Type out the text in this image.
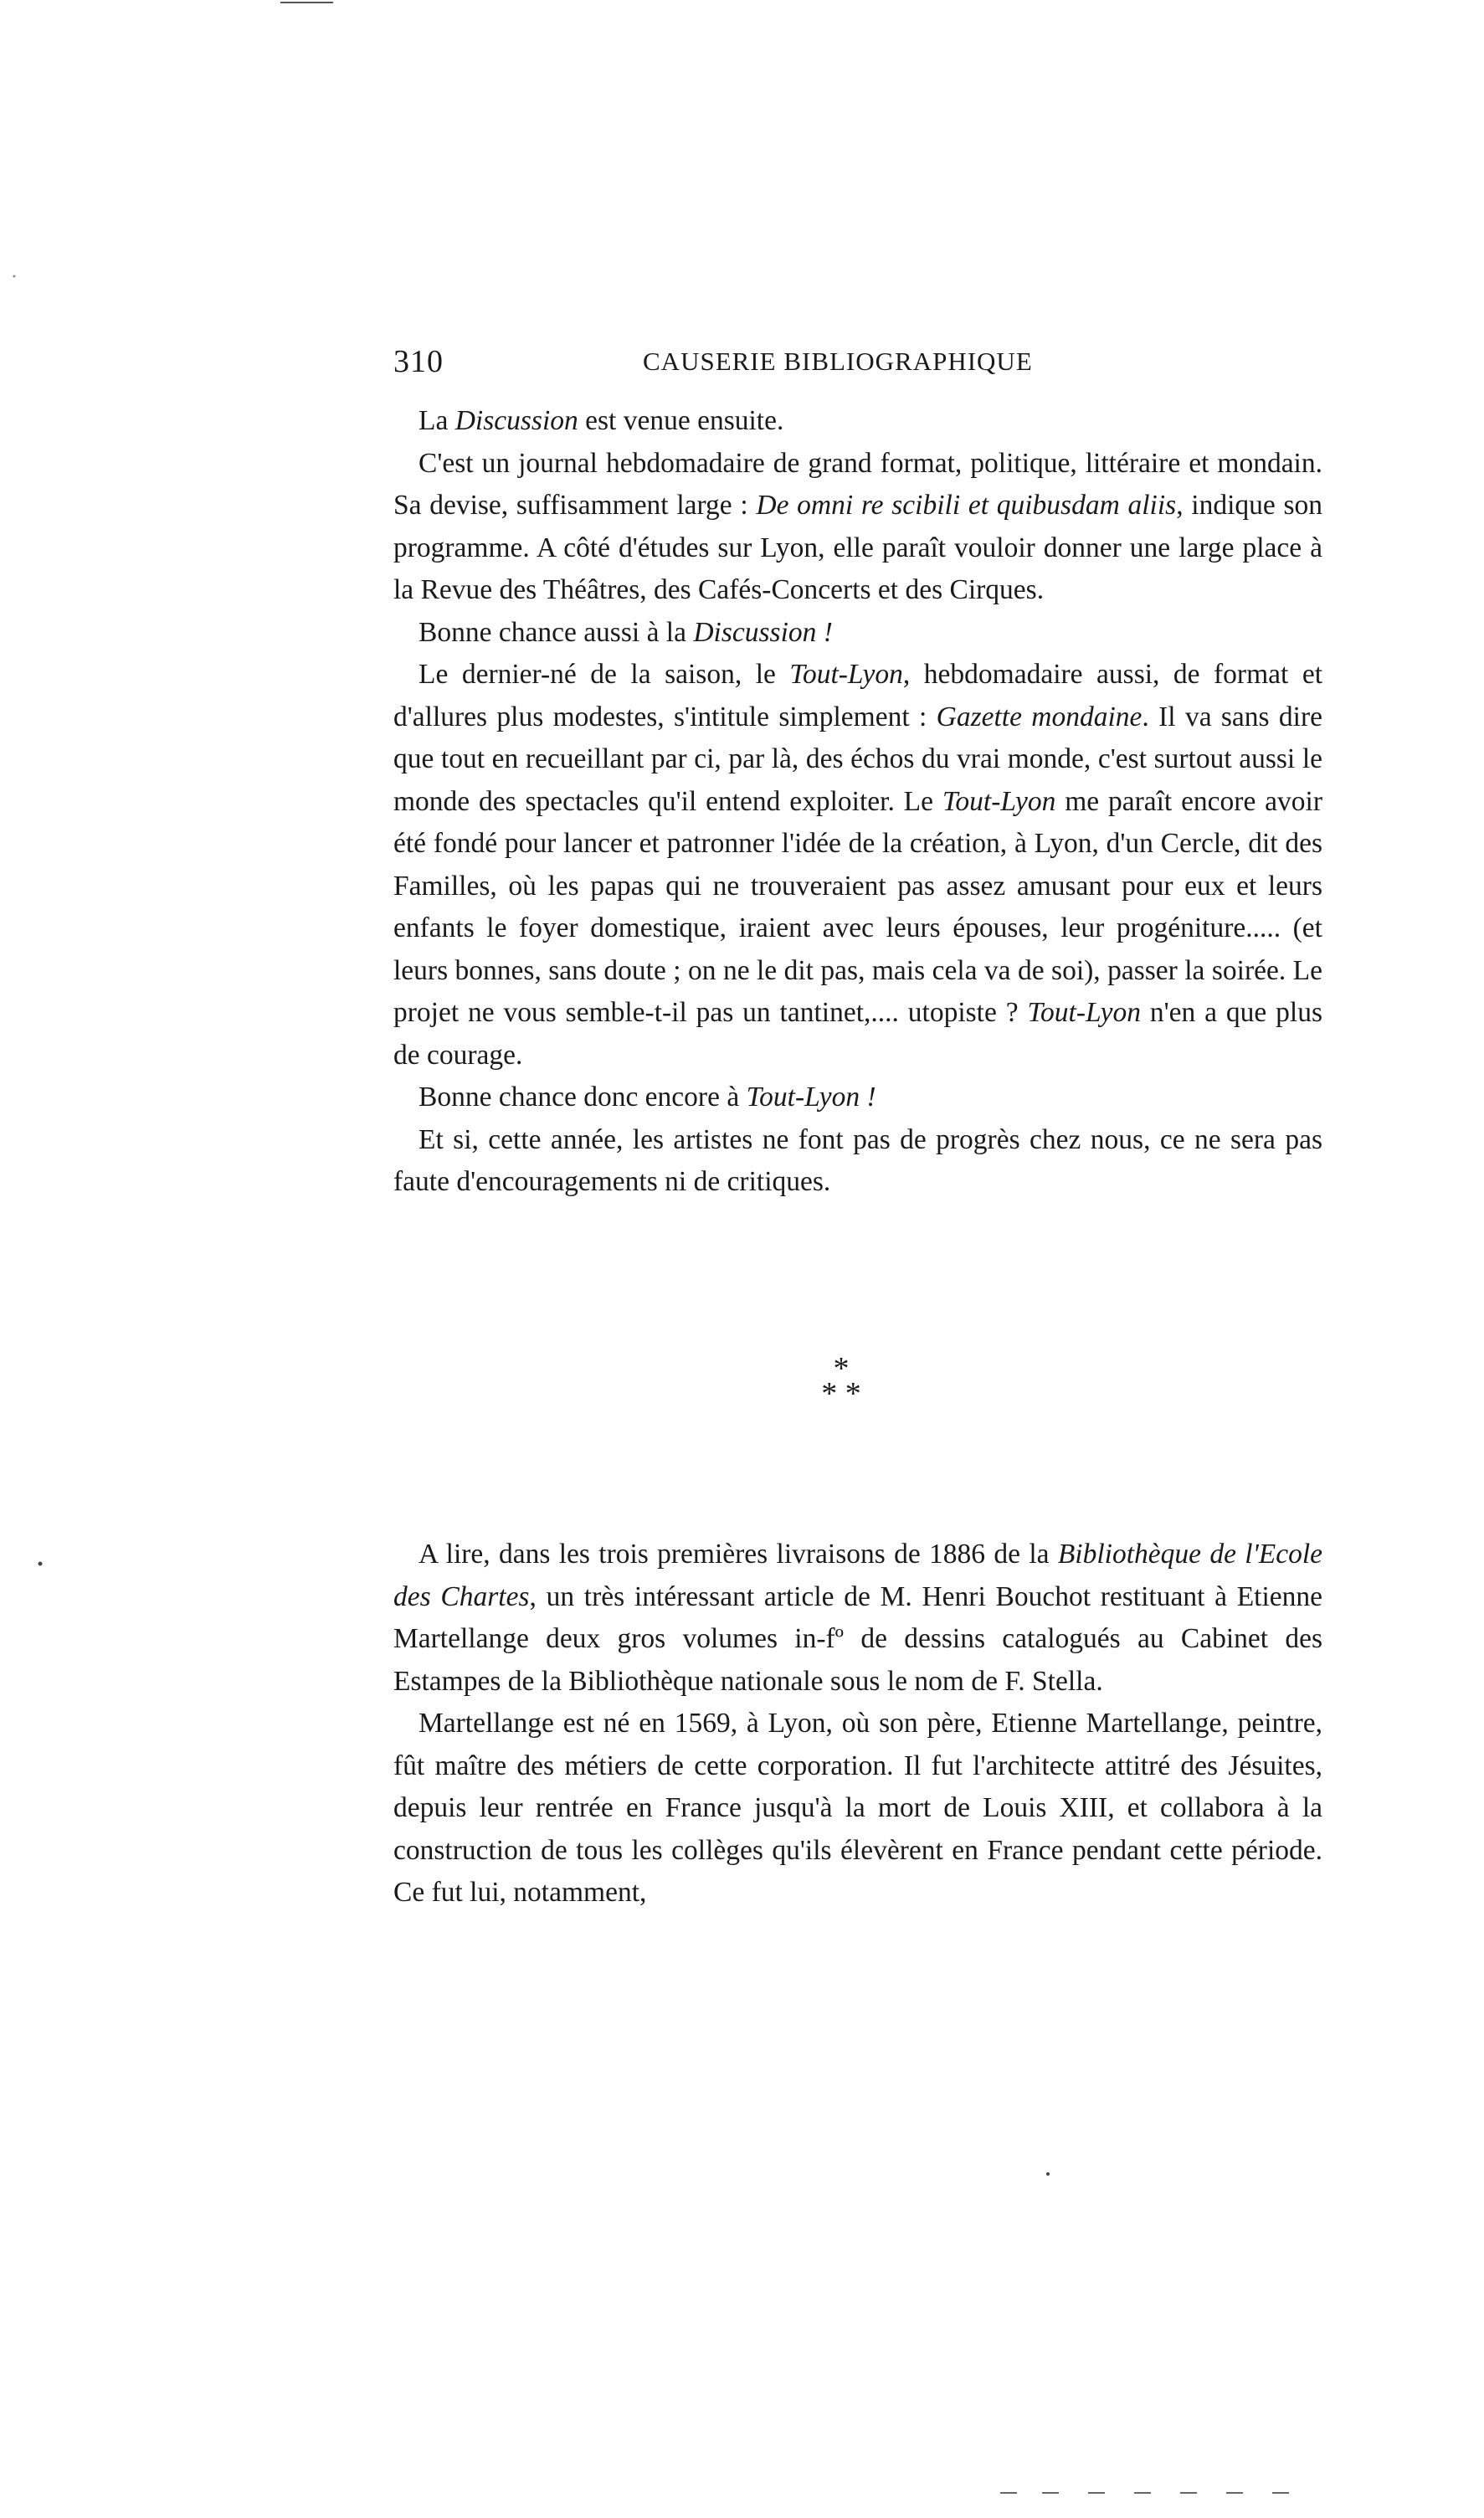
310	CAUSERIE BIBLIOGRAPHIQUE

La Discussion est venue ensuite.

C'est un journal hebdomadaire de grand format, politique, littéraire et mondain. Sa devise, suffisamment large : De omni re scibili et quibusdam aliis, indique son programme. A côté d'études sur Lyon, elle paraît vouloir donner une large place à la Revue des Théâtres, des Cafés-Concerts et des Cirques.

Bonne chance aussi à la Discussion !

Le dernier-né de la saison, le Tout-Lyon, hebdomadaire aussi, de format et d'allures plus modestes, s'intitule simplement : Gazette mondaine. Il va sans dire que tout en recueillant par ci, par là, des échos du vrai monde, c'est surtout aussi le monde des spectacles qu'il entend exploiter. Le Tout-Lyon me paraît encore avoir été fondé pour lancer et patronner l'idée de la création, à Lyon, d'un Cercle, dit des Familles, où les papas qui ne trouveraient pas assez amusant pour eux et leurs enfants le foyer domestique, iraient avec leurs épouses, leur progéniture..... (et leurs bonnes, sans doute ; on ne le dit pas, mais cela va de soi), passer la soirée. Le projet ne vous semble-t-il pas un tantinet,.... utopiste ? Tout-Lyon n'en a que plus de courage.

Bonne chance donc encore à Tout-Lyon !

Et si, cette année, les artistes ne font pas de progrès chez nous, ce ne sera pas faute d'encouragements ni de critiques.

*
* *

A lire, dans les trois premières livraisons de 1886 de la Bibliothèque de l'Ecole des Chartes, un très intéressant article de M. Henri Bouchot restituant à Etienne Martellange deux gros volumes in-fº de dessins catalogués au Cabinet des Estampes de la Bibliothèque nationale sous le nom de F. Stella.

Martellange est né en 1569, à Lyon, où son père, Etienne Martellange, peintre, fût maître des métiers de cette corporation. Il fut l'architecte attitré des Jésuites, depuis leur rentrée en France jusqu'à la mort de Louis XIII, et collabora à la construction de tous les collèges qu'ils élevèrent en France pendant cette période. Ce fut lui, notamment,
